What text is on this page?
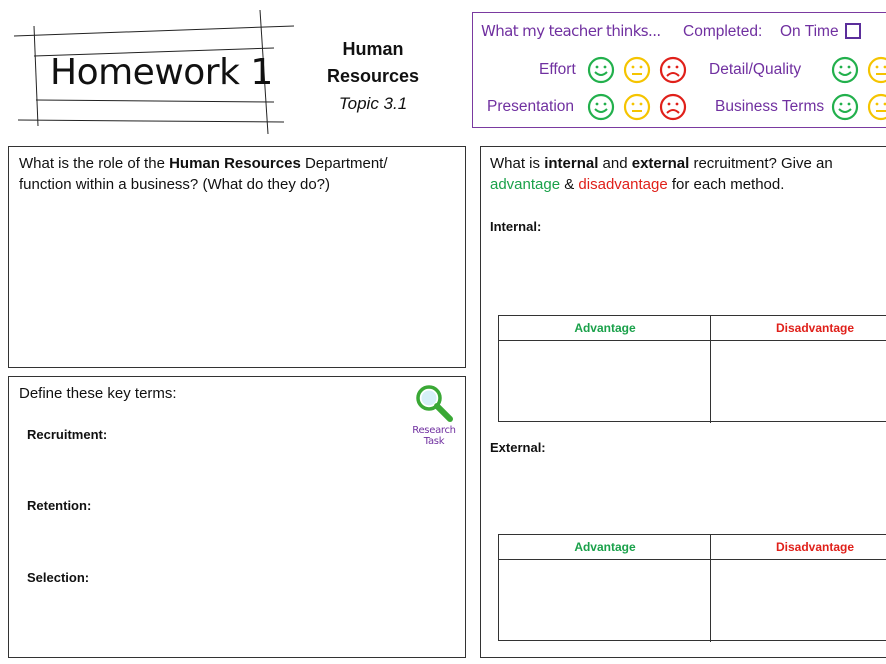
Homework 1
Human
Resources
Topic 3.1
What my teacher thinks... Completed: On Time
Effort
Presentation
Detail/Quality
Business Terms
What is the role of the Human Resources Department/
function within a business? (What do they do?)
Define these key terms:
Recruitment:
Retention:
Selection:
Research
Task
What is internal and external recruitment? Give an
advantage & disadvantage for each method.
Internal:
Advantage	Disadvantage
External:
Advantage	Disadvantage
